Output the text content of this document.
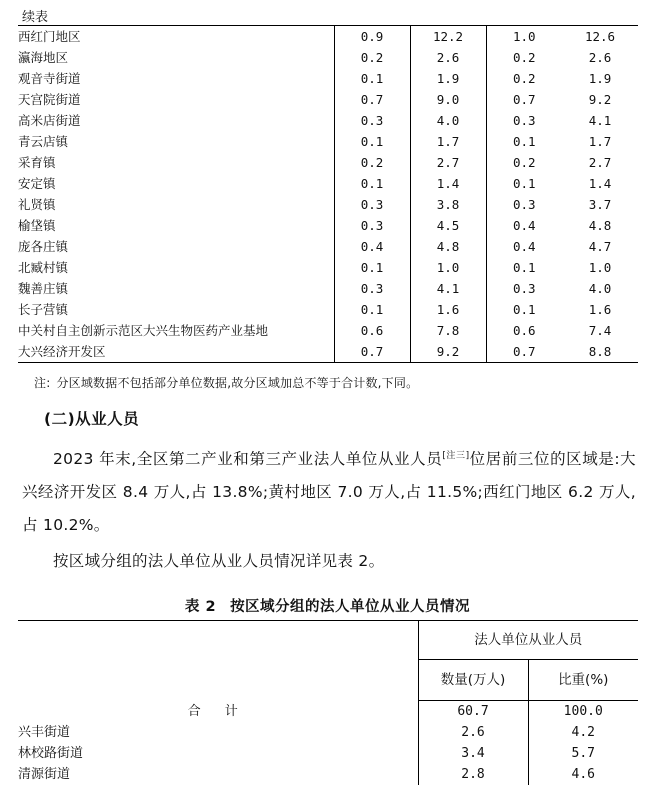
续表
西红门地区	0.9	12.2	1.0	12.6
瀛海地区	0.2	2.6	0.2	2.6
观音寺街道	0.1	1.9	0.2	1.9
天宫院街道	0.7	9.0	0.7	9.2
高米店街道	0.3	4.0	0.3	4.1
青云店镇	0.1	1.7	0.1	1.7
采育镇	0.2	2.7	0.2	2.7
安定镇	0.1	1.4	0.1	1.4
礼贤镇	0.3	3.8	0.3	3.7
榆垡镇	0.3	4.5	0.4	4.8
庞各庄镇	0.4	4.8	0.4	4.7
北臧村镇	0.1	1.0	0.1	1.0
魏善庄镇	0.3	4.1	0.3	4.0
长子营镇	0.1	1.6	0.1	1.6
中关村自主创新示范区大兴生物医药产业基地	0.6	7.8	0.6	7.4
大兴经济开发区	0.7	9.2	0.7	8.8
注: 分区域数据不包括部分单位数据,故分区域加总不等于合计数,下同。
(二)从业人员
2023 年末,全区第二产业和第三产业法人单位从业人员[注三]位居前三位的区域是:大兴经济开发区 8.4 万人,占 13.8%;黄村地区 7.0 万人,占 11.5%;西红门地区 6.2 万人,占 10.2%。
按区域分组的法人单位从业人员情况详见表 2。
表 2 按区域分组的法人单位从业人员情况
	法人单位从业人员	
	数量(万人)	比重(%)
合 计	60.7	100.0
兴丰街道	2.6	4.2
林校路街道	3.4	5.7
清源街道	2.8	4.6
